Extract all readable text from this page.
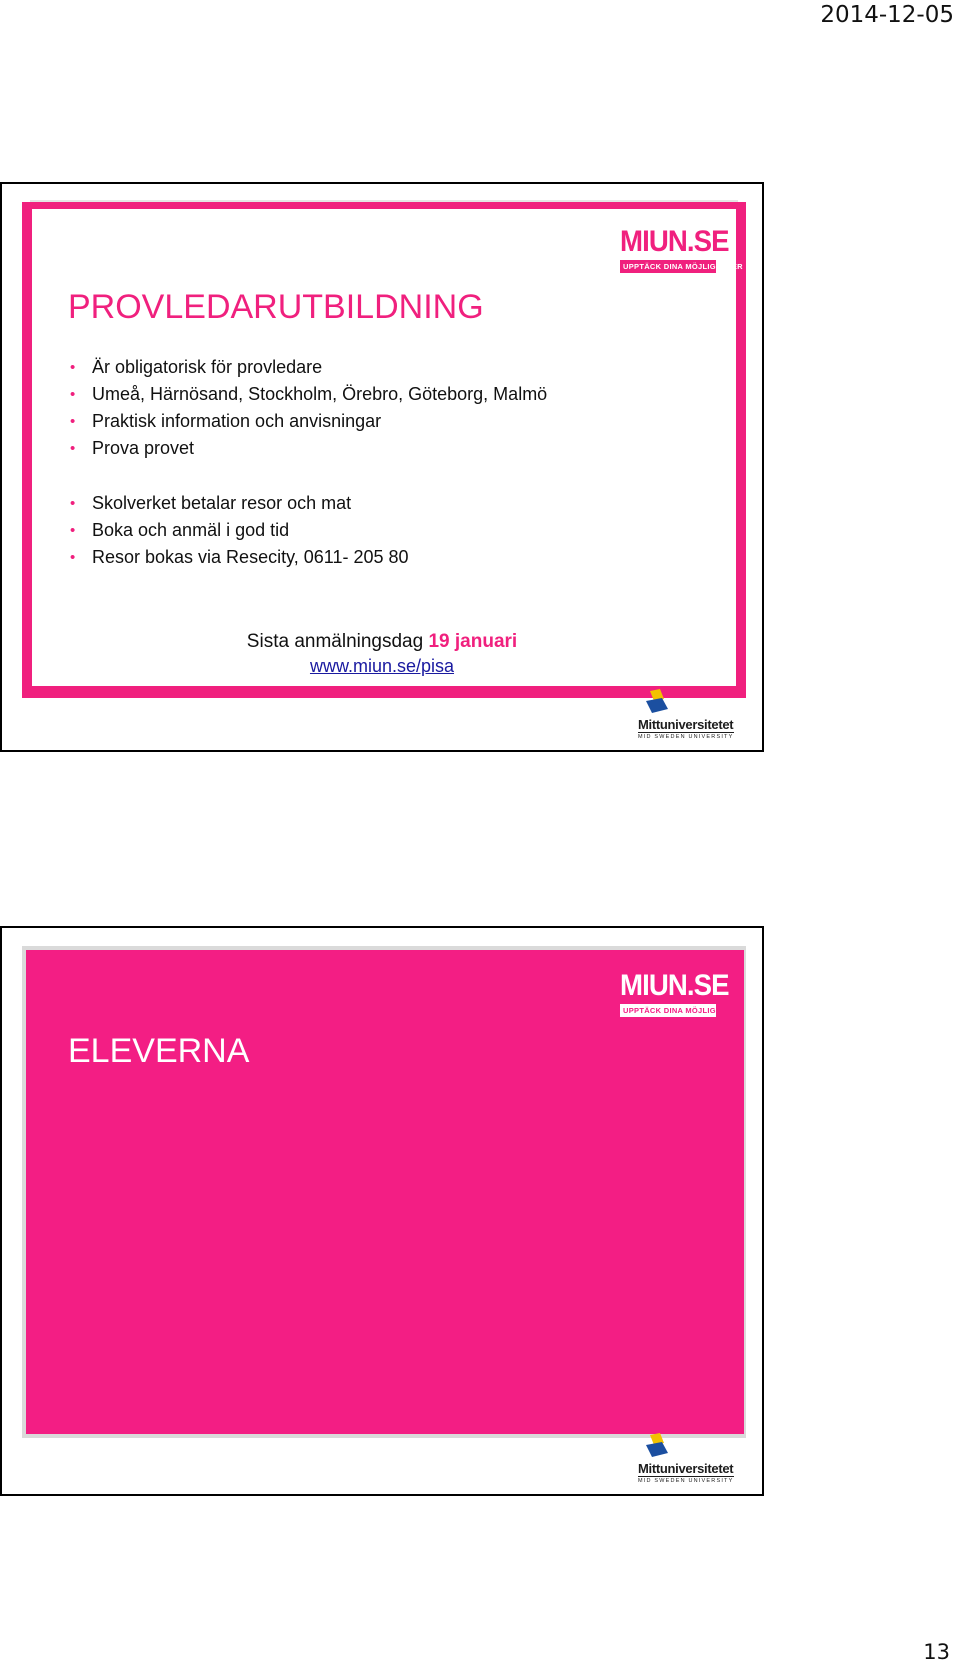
2014-12-05
MIUN.SE
UPPTÄCK DINA MÖJLIGHETER
PROVLEDARUTBILDNING
• Är obligatorisk för provledare
• Umeå, Härnösand, Stockholm, Örebro, Göteborg, Malmö
• Praktisk information och anvisningar
• Prova provet
• Skolverket betalar resor och mat
• Boka och anmäl i god tid
• Resor bokas via Resecity, 0611- 205 80
Sista anmälningsdag 19 januari
www.miun.se/pisa
Mittuniversitetet
MID SWEDEN UNIVERSITY
MIUN.SE
UPPTÄCK DINA MÖJLIGHETER
ELEVERNA
Mittuniversitetet
MID SWEDEN UNIVERSITY
13
